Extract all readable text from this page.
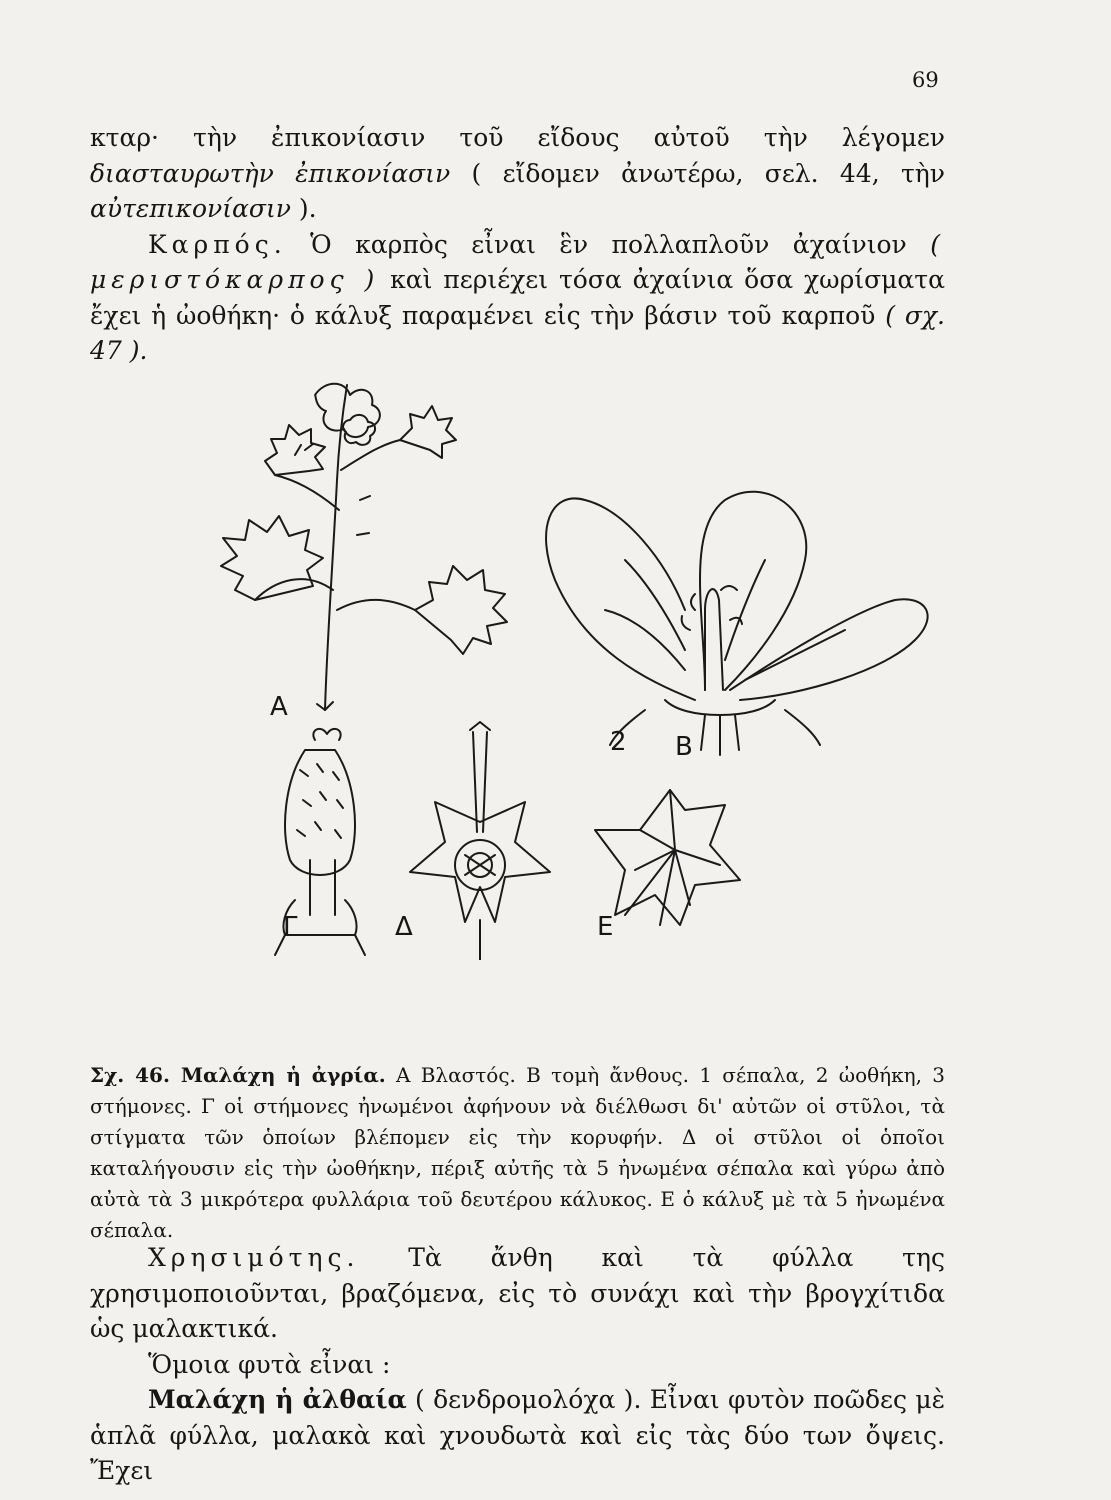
69

κταρ· τὴν ἐπικονίασιν τοῦ εἴδους αὐτοῦ τὴν λέγομεν διασταυρωτὴν ἐπικονίασιν ( εἴδομεν ἀνωτέρω, σελ. 44, τὴν αὐτεπικονίασιν ).

Καρπός. Ὁ καρπὸς εἶναι ἓν πολλαπλοῦν ἀχαίνιον ( μεριστόκαρπος ) καὶ περιέχει τόσα ἀχαίνια ὅσα χωρίσματα ἔχει ἡ ὠοθήκη· ὁ κάλυξ παραμένει εἰς τὴν βάσιν τοῦ καρποῦ ( σχ. 47 ).

A
B
2
Γ	Δ	E

Σχ. 46. Μαλάχη ἡ ἀγρία. Α Βλαστός. Β τομὴ ἄνθους. 1 σέπαλα, 2 ὠοθήκη, 3 στήμονες. Γ οἱ στήμονες ἠνωμένοι ἀφήνουν νὰ διέλθωσι δι' αὐτῶν οἱ στῦλοι, τὰ στίγματα τῶν ὁποίων βλέπομεν εἰς τὴν κορυφήν. Δ οἱ στῦλοι οἱ ὁποῖοι καταλήγουσιν εἰς τὴν ὠοθήκην, πέριξ αὐτῆς τὰ 5 ἠνωμένα σέπαλα καὶ γύρω ἀπὸ αὐτὰ τὰ 3 μικρότερα φυλλάρια τοῦ δευτέρου κάλυκος. Ε ὁ κάλυξ μὲ τὰ 5 ἠνωμένα σέπαλα.

Χρησιμότης. Τὰ ἄνθη καὶ τὰ φύλλα της χρησιμοποιοῦνται, βραζόμενα, εἰς τὸ συνάχι καὶ τὴν βρογχίτιδα ὡς μαλακτικά.

Ὅμοια φυτὰ εἶναι :

Μαλάχη ἡ ἀλθαία ( δενδρομολόχα ). Εἶναι φυτὸν ποῶδες μὲ ἁπλᾶ φύλλα, μαλακὰ καὶ χνουδωτὰ καὶ εἰς τὰς δύο των ὄψεις. Ἔχει
